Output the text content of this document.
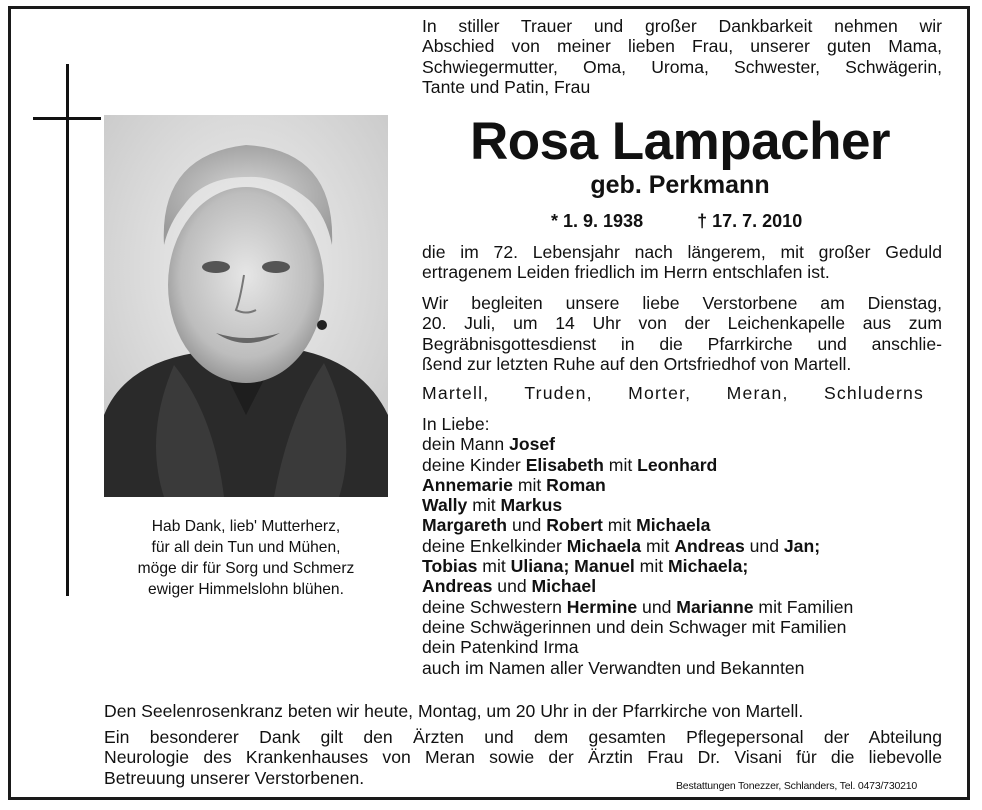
Hab Dank, lieb' Mutterherz,
für all dein Tun und Mühen,
möge dir für Sorg und Schmerz
ewiger Himmelslohn blühen.
In stiller Trauer und großer Dankbarkeit nehmen wir
Abschied von meiner lieben Frau, unserer guten Mama,
Schwiegermutter, Oma, Uroma, Schwester, Schwägerin,
Tante und Patin, Frau
Rosa Lampacher
geb. Perkmann
* 1. 9. 1938	† 17. 7. 2010
die im 72. Lebensjahr nach längerem, mit großer Geduld
ertragenem Leiden friedlich im Herrn entschlafen ist.
Wir begleiten unsere liebe Verstorbene am Dienstag,
20. Juli, um 14 Uhr von der Leichenkapelle aus zum
Begräbnisgottesdienst in die Pfarrkirche und anschlie-
ßend zur letzten Ruhe auf den Ortsfriedhof von Martell.
Martell, Truden, Morter, Meran, Schluderns
In Liebe:
dein Mann Josef
deine Kinder Elisabeth mit Leonhard
Annemarie mit Roman
Wally mit Markus
Margareth und Robert mit Michaela
deine Enkelkinder Michaela mit Andreas und Jan;
Tobias mit Uliana; Manuel mit Michaela;
Andreas und Michael
deine Schwestern Hermine und Marianne mit Familien
deine Schwägerinnen und dein Schwager mit Familien
dein Patenkind Irma
auch im Namen aller Verwandten und Bekannten
Den Seelenrosenkranz beten wir heute, Montag, um 20 Uhr in der Pfarrkirche von Martell.
Ein besonderer Dank gilt den Ärzten und dem gesamten Pflegepersonal der Abteilung
Neurologie des Krankenhauses von Meran sowie der Ärztin Frau Dr. Visani für die liebevolle
Betreuung unserer Verstorbenen.	Bestattungen Tonezzer, Schlanders, Tel. 0473/730210
